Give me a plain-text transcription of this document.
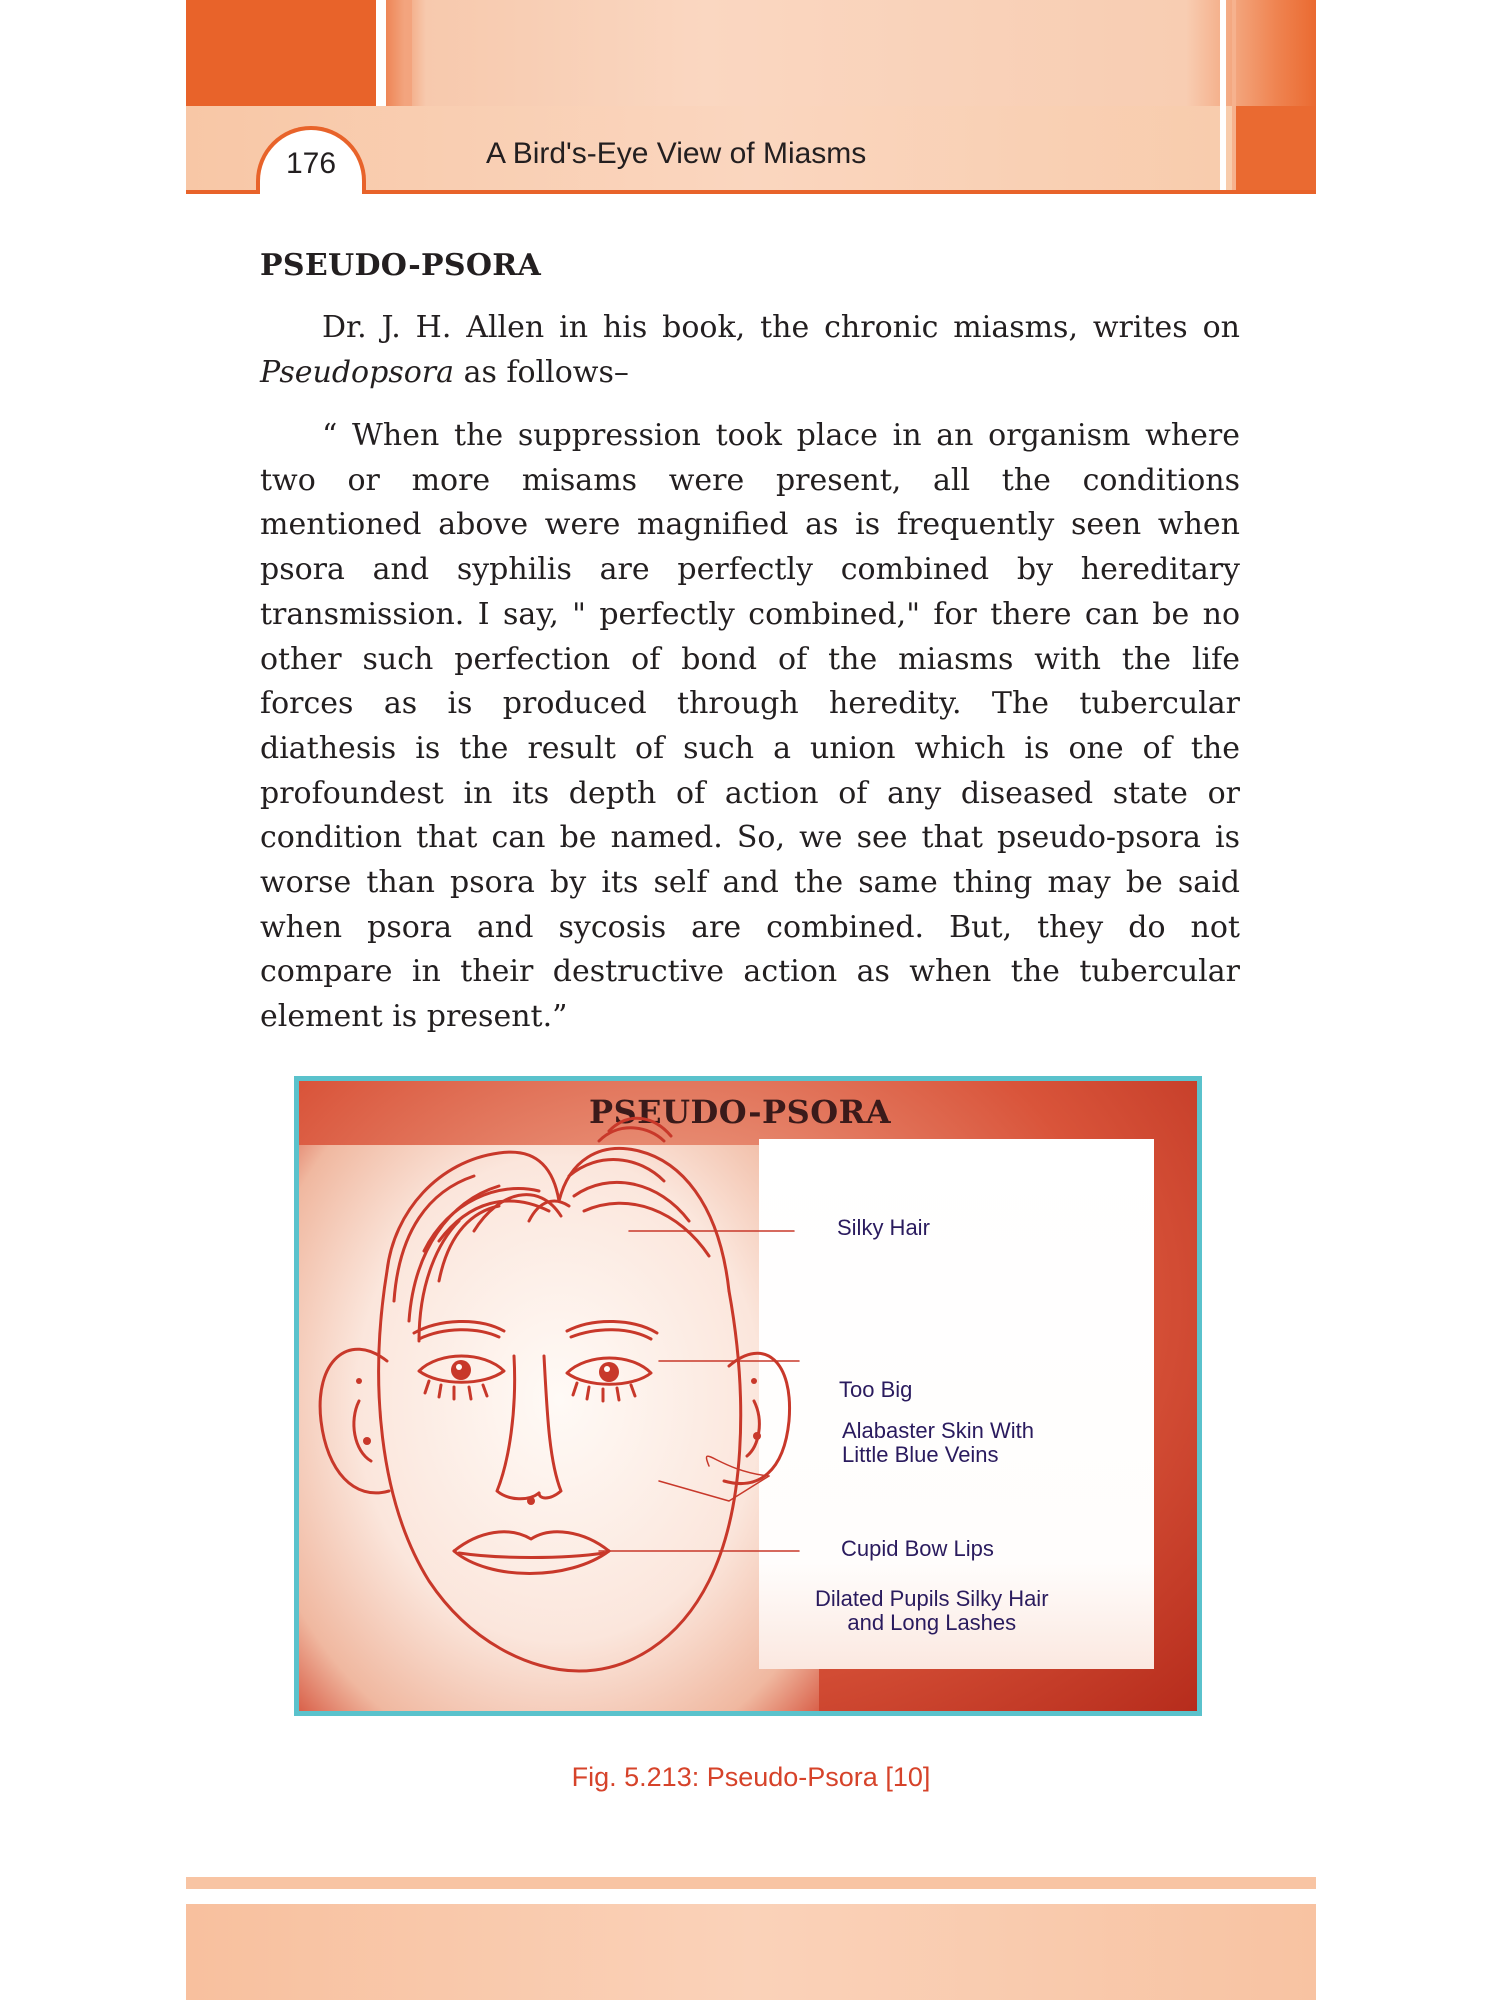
176	A Bird's-Eye View of Miasms
PSEUDO-PSORA

Dr. J. H. Allen in his book, the chronic miasms, writes on
Pseudopsora as follows–

“ When the suppression took place in an organism where
two or more misams were present, all the conditions
mentioned above were magnified as is frequently seen when
psora and syphilis are perfectly combined by hereditary
transmission. I say, " perfectly combined," for there can be no
other such perfection of bond of the miasms with the life
forces as is produced through heredity. The tubercular
diathesis is the result of such a union which is one of the
profoundest in its depth of action of any diseased state or
condition that can be named. So, we see that pseudo-psora is
worse than psora by its self and the same thing may be said
when psora and sycosis are combined. But, they do not
compare in their destructive action as when the tubercular
element is present.”

PSEUDO-PSORA
Silky Hair
Too Big
Alabaster Skin With
Little Blue Veins
Cupid Bow Lips
Dilated Pupils Silky Hair
and Long Lashes
Fig. 5.213: Pseudo-Psora [10]
